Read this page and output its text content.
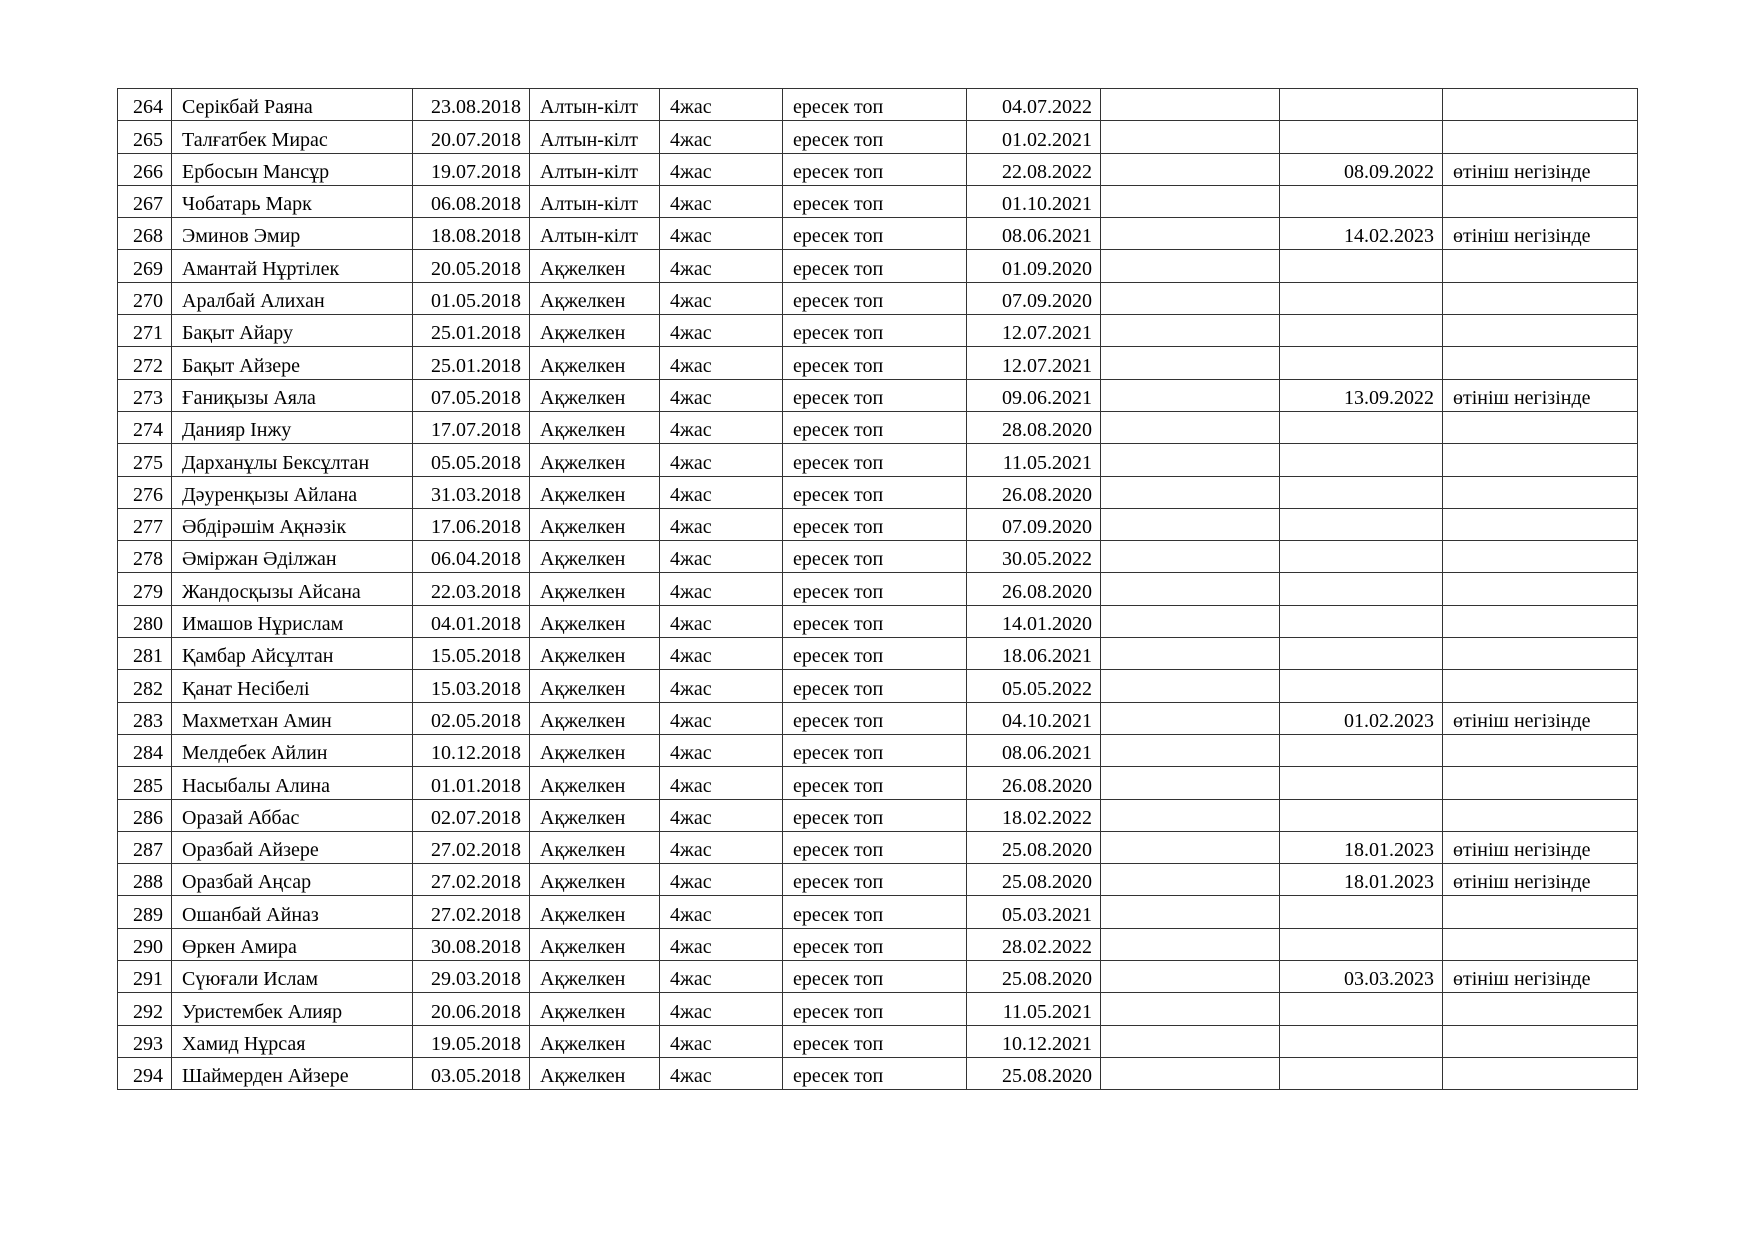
264	Серікбай Раяна	23.08.2018	Алтын-кілт	4жас	ересек топ	04.07.2022			
265	Талғатбек Мирас	20.07.2018	Алтын-кілт	4жас	ересек топ	01.02.2021			
266	Ербосын Мансұр	19.07.2018	Алтын-кілт	4жас	ересек топ	22.08.2022		08.09.2022	өтініш негізінде
267	Чобатарь Марк	06.08.2018	Алтын-кілт	4жас	ересек топ	01.10.2021			
268	Эминов Эмир	18.08.2018	Алтын-кілт	4жас	ересек топ	08.06.2021		14.02.2023	өтініш негізінде
269	Амантай Нұртілек	20.05.2018	Ақжелкен	4жас	ересек топ	01.09.2020			
270	Аралбай Алихан	01.05.2018	Ақжелкен	4жас	ересек топ	07.09.2020			
271	Бақыт Айару	25.01.2018	Ақжелкен	4жас	ересек топ	12.07.2021			
272	Бақыт Айзере	25.01.2018	Ақжелкен	4жас	ересек топ	12.07.2021			
273	Ғаниқызы Аяла	07.05.2018	Ақжелкен	4жас	ересек топ	09.06.2021		13.09.2022	өтініш негізінде
274	Данияр Інжу	17.07.2018	Ақжелкен	4жас	ересек топ	28.08.2020			
275	Дарханұлы Бексұлтан	05.05.2018	Ақжелкен	4жас	ересек топ	11.05.2021			
276	Дәуренқызы Айлана	31.03.2018	Ақжелкен	4жас	ересек топ	26.08.2020			
277	Әбдірәшім Ақнәзік	17.06.2018	Ақжелкен	4жас	ересек топ	07.09.2020			
278	Әміржан Әділжан	06.04.2018	Ақжелкен	4жас	ересек топ	30.05.2022			
279	Жандосқызы Айсана	22.03.2018	Ақжелкен	4жас	ересек топ	26.08.2020			
280	Имашов Нұрислам	04.01.2018	Ақжелкен	4жас	ересек топ	14.01.2020			
281	Қамбар Айсұлтан	15.05.2018	Ақжелкен	4жас	ересек топ	18.06.2021			
282	Қанат Несібелі	15.03.2018	Ақжелкен	4жас	ересек топ	05.05.2022			
283	Махметхан Амин	02.05.2018	Ақжелкен	4жас	ересек топ	04.10.2021		01.02.2023	өтініш негізінде
284	Мелдебек Айлин	10.12.2018	Ақжелкен	4жас	ересек топ	08.06.2021			
285	Насыбалы Алина	01.01.2018	Ақжелкен	4жас	ересек топ	26.08.2020			
286	Оразай Аббас	02.07.2018	Ақжелкен	4жас	ересек топ	18.02.2022			
287	Оразбай Айзере	27.02.2018	Ақжелкен	4жас	ересек топ	25.08.2020		18.01.2023	өтініш негізінде
288	Оразбай Аңсар	27.02.2018	Ақжелкен	4жас	ересек топ	25.08.2020		18.01.2023	өтініш негізінде
289	Ошанбай Айназ	27.02.2018	Ақжелкен	4жас	ересек топ	05.03.2021			
290	Өркен Амира	30.08.2018	Ақжелкен	4жас	ересек топ	28.02.2022			
291	Сүюғали Ислам	29.03.2018	Ақжелкен	4жас	ересек топ	25.08.2020		03.03.2023	өтініш негізінде
292	Уристембек Алияр	20.06.2018	Ақжелкен	4жас	ересек топ	11.05.2021			
293	Хамид Нұрсая	19.05.2018	Ақжелкен	4жас	ересек топ	10.12.2021			
294	Шаймерден Айзере	03.05.2018	Ақжелкен	4жас	ересек топ	25.08.2020			
